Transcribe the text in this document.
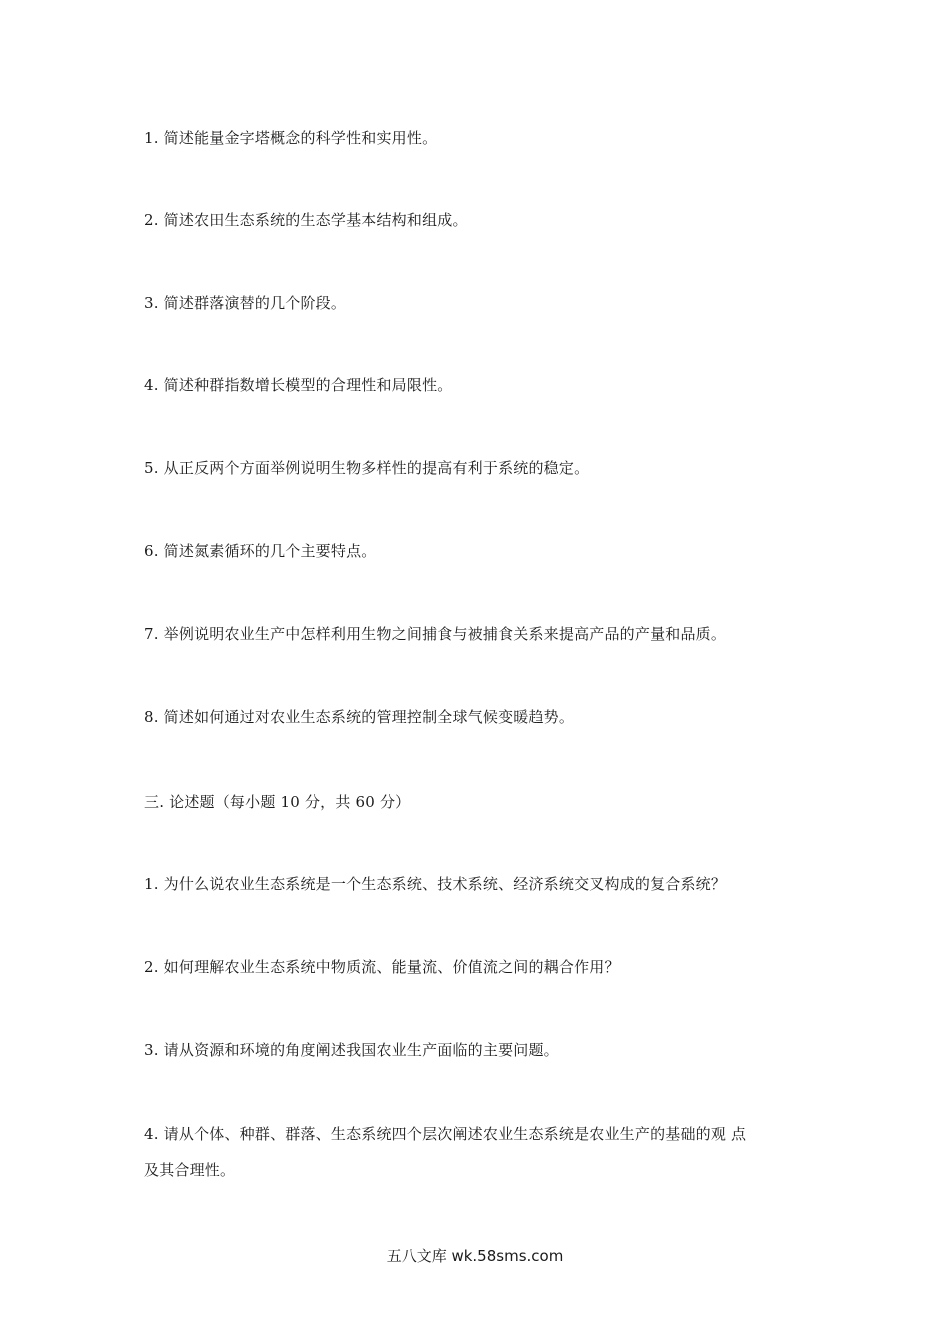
1. 简述能量金字塔概念的科学性和实用性。
2. 简述农田生态系统的生态学基本结构和组成。
3. 简述群落演替的几个阶段。
4. 简述种群指数增长模型的合理性和局限性。
5. 从正反两个方面举例说明生物多样性的提高有利于系统的稳定。
6. 简述氮素循环的几个主要特点。
7. 举例说明农业生产中怎样利用生物之间捕食与被捕食关系来提高产品的产量和品质。
8. 简述如何通过对农业生态系统的管理控制全球气候变暖趋势。
三. 论述题（每小题 10 分，共 60 分）
1. 为什么说农业生态系统是一个生态系统、技术系统、经济系统交叉构成的复合系统？
2. 如何理解农业生态系统中物质流、能量流、价值流之间的耦合作用？
3. 请从资源和环境的角度阐述我国农业生产面临的主要问题。
4. 请从个体、种群、群落、生态系统四个层次阐述农业生态系统是农业生产的基础的观 点
及其合理性。
五八文库 wk.58sms.com
